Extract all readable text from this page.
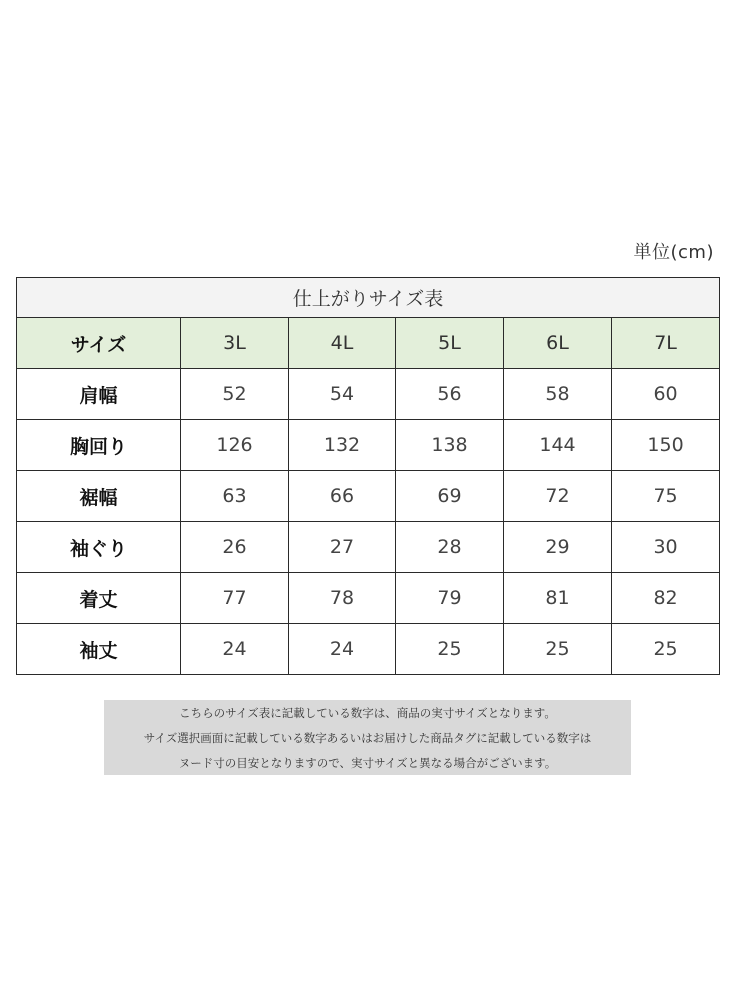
単位(cm)
仕上がりサイズ表					
サイズ	3L	4L	5L	6L	7L
肩幅	52	54	56	58	60
胸回り	126	132	138	144	150
裾幅	63	66	69	72	75
袖ぐり	26	27	28	29	30
着丈	77	78	79	81	82
袖丈	24	24	25	25	25
こちらのサイズ表に記載している数字は、商品の実寸サイズとなります。
サイズ選択画面に記載している数字あるいはお届けした商品タグに記載している数字は
ヌード寸の目安となりますので、実寸サイズと異なる場合がございます。
